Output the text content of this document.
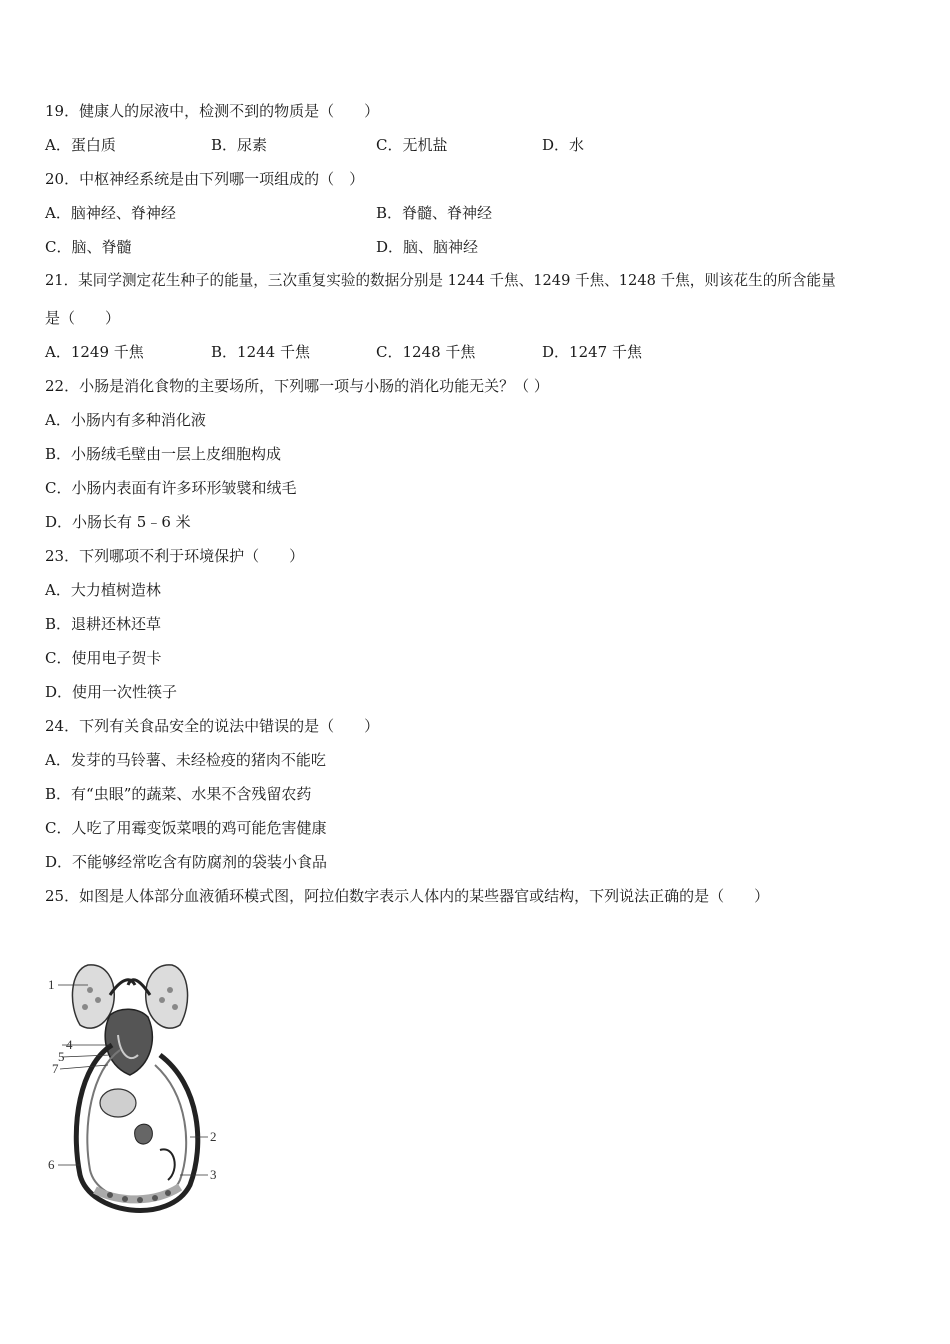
19．健康人的尿液中，检测不到的物质是（　　）
A．蛋白质	B．尿素	C．无机盐	D．水
20．中枢神经系统是由下列哪一项组成的（　）
A．脑神经、脊神经	B．脊髓、脊神经
C．脑、脊髓	D．脑、脑神经
21．某同学测定花生种子的能量，三次重复实验的数据分别是 1244 千焦、1249 千焦、1248 千焦，则该花生的所含能量
是（　　）
A．1249 千焦	B．1244 千焦	C．1248 千焦	D．1247 千焦
22．小肠是消化食物的主要场所，下列哪一项与小肠的消化功能无关？（ ）
A．小肠内有多种消化液
B．小肠绒毛壁由一层上皮细胞构成
C．小肠内表面有许多环形皱襞和绒毛
D．小肠长有 5﹣6 米
23．下列哪项不利于环境保护（　　）
A．大力植树造林
B．退耕还林还草
C．使用电子贺卡
D．使用一次性筷子
24．下列有关食品安全的说法中错误的是（　　）
A．发芽的马铃薯、未经检疫的猪肉不能吃
B．有“虫眼”的蔬菜、水果不含残留农药
C．人吃了用霉变饭菜喂的鸡可能危害健康
D．不能够经常吃含有防腐剂的袋装小食品
25．如图是人体部分血液循环模式图，阿拉伯数字表示人体内的某些器官或结构，下列说法正确的是（　　）
1
2
3
4
5
6
7
